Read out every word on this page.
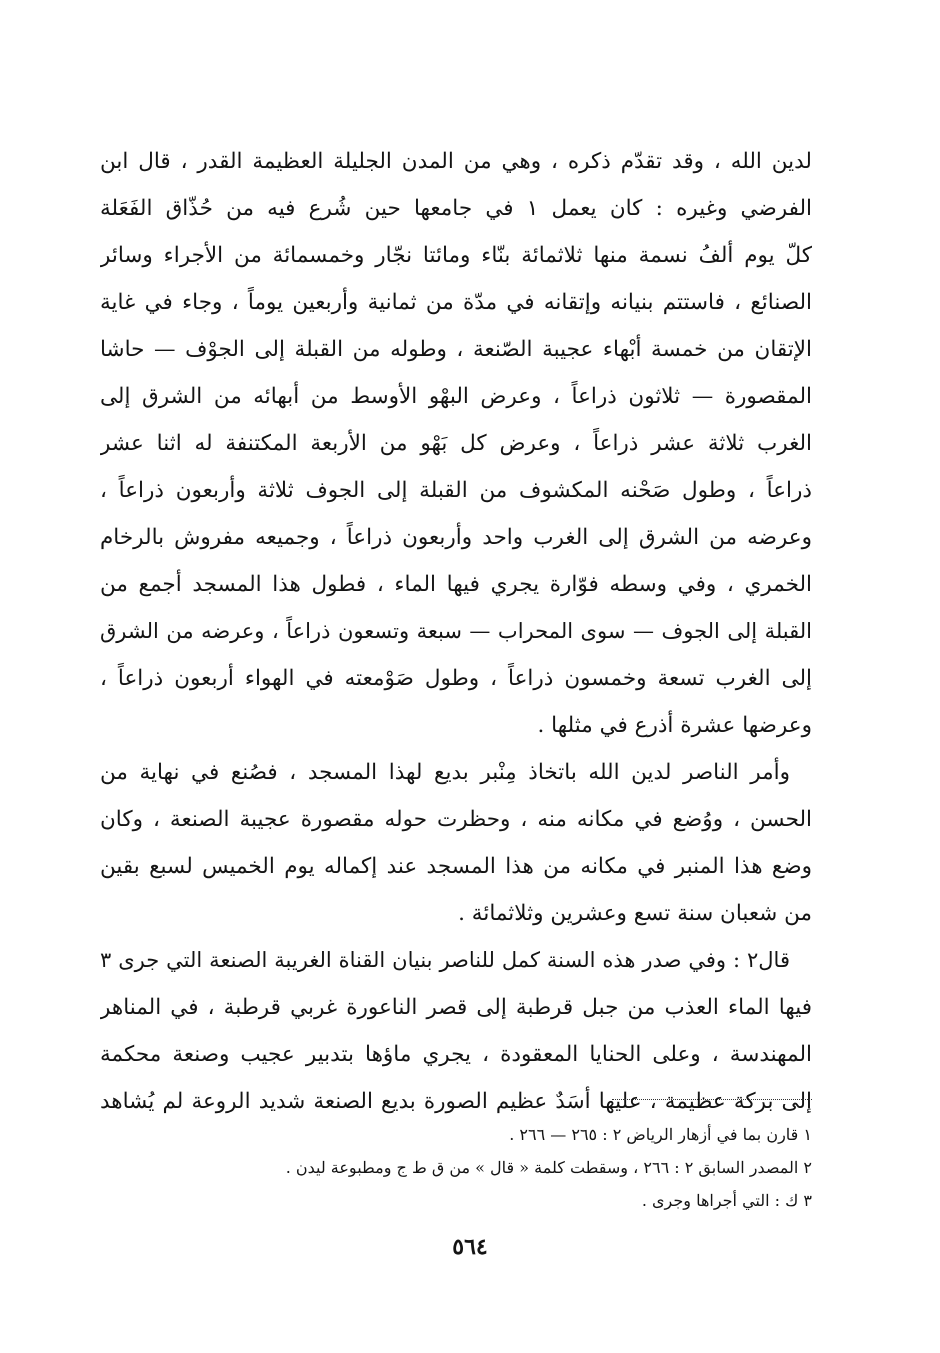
لدين الله ، وقد تقدّم ذكره ، وهي من المدن الجليلة العظيمة القدر ، قال ابن
الفرضي وغيره : كان يعمل ١ في جامعها حين شُرع فيه من حُذّاق الفَعَلة
كلّ يوم ألفُ نسمة منها ثلاثمائة بنّاء ومائتا نجّار وخمسمائة من الأجراء وسائر
الصنائع ، فاستتم بنيانه وإتقانه في مدّة من ثمانية وأربعين يوماً ، وجاء في غاية
الإتقان من خمسة أبْهاء عجيبة الصّنعة ، وطوله من القبلة إلى الجوْف — حاشا
المقصورة — ثلاثون ذراعاً ، وعرض البهْو الأوسط من أبهائه من الشرق إلى
الغرب ثلاثة عشر ذراعاً ، وعرض كل بَهْو من الأربعة المكتنفة له اثنا عشر
ذراعاً ، وطول صَحْنه المكشوف من القبلة إلى الجوف ثلاثة وأربعون ذراعاً ،
وعرضه من الشرق إلى الغرب واحد وأربعون ذراعاً ، وجميعه مفروش بالرخام
الخمري ، وفي وسطه فوّارة يجري فيها الماء ، فطول هذا المسجد أجمع من
القبلة إلى الجوف — سوى المحراب — سبعة وتسعون ذراعاً ، وعرضه من الشرق
إلى الغرب تسعة وخمسون ذراعاً ، وطول صَوْمعته في الهواء أربعون ذراعاً ،
وعرضها عشرة أذرع في مثلها .
وأمر الناصر لدين الله باتخاذ مِنْبر بديع لهذا المسجد ، فصُنع في نهاية من
الحسن ، ووُضع في مكانه منه ، وحظرت حوله مقصورة عجيبة الصنعة ، وكان
وضع هذا المنبر في مكانه من هذا المسجد عند إكماله يوم الخميس لسبع بقين
من شعبان سنة تسع وعشرين وثلاثمائة .
قال٢ : وفي صدر هذه السنة كمل للناصر بنيان القناة الغريبة الصنعة التي جرى ٣
فيها الماء العذب من جبل قرطبة إلى قصر الناعورة غربي قرطبة ، في المناهر
المهندسة ، وعلى الحنايا المعقودة ، يجري ماؤها بتدبير عجيب وصنعة محكمة
إلى بركة عظيمة ، عليها أسَدٌ عظيم الصورة بديع الصنعة شديد الروعة لم يُشاهد
١ قارن بما في أزهار الرياض ٢ : ٢٦٥ — ٢٦٦ .
٢ المصدر السابق ٢ : ٢٦٦ ، وسقطت كلمة « قال » من ق ط ج ومطبوعة ليدن .
٣ ك : التي أجراها وجرى .
٥٦٤
